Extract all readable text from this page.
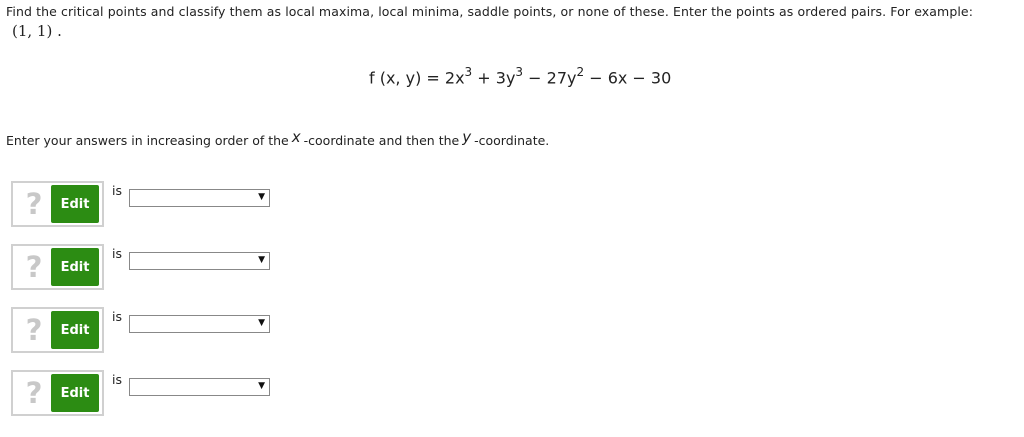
Find the critical points and classify them as local maxima, local minima, saddle points, or none of these. Enter the points as ordered pairs. For example:
(1, 1) .
f (x, $y) = 2x^3 + 3y^3 - 27y^2 - 6x - 30$
Enter your answers in increasing order of the x -coordinate and then the y -coordinate.
?	Edit
is	▼
?	Edit
is	▼
?	Edit
is	▼
?	Edit
is	▼
